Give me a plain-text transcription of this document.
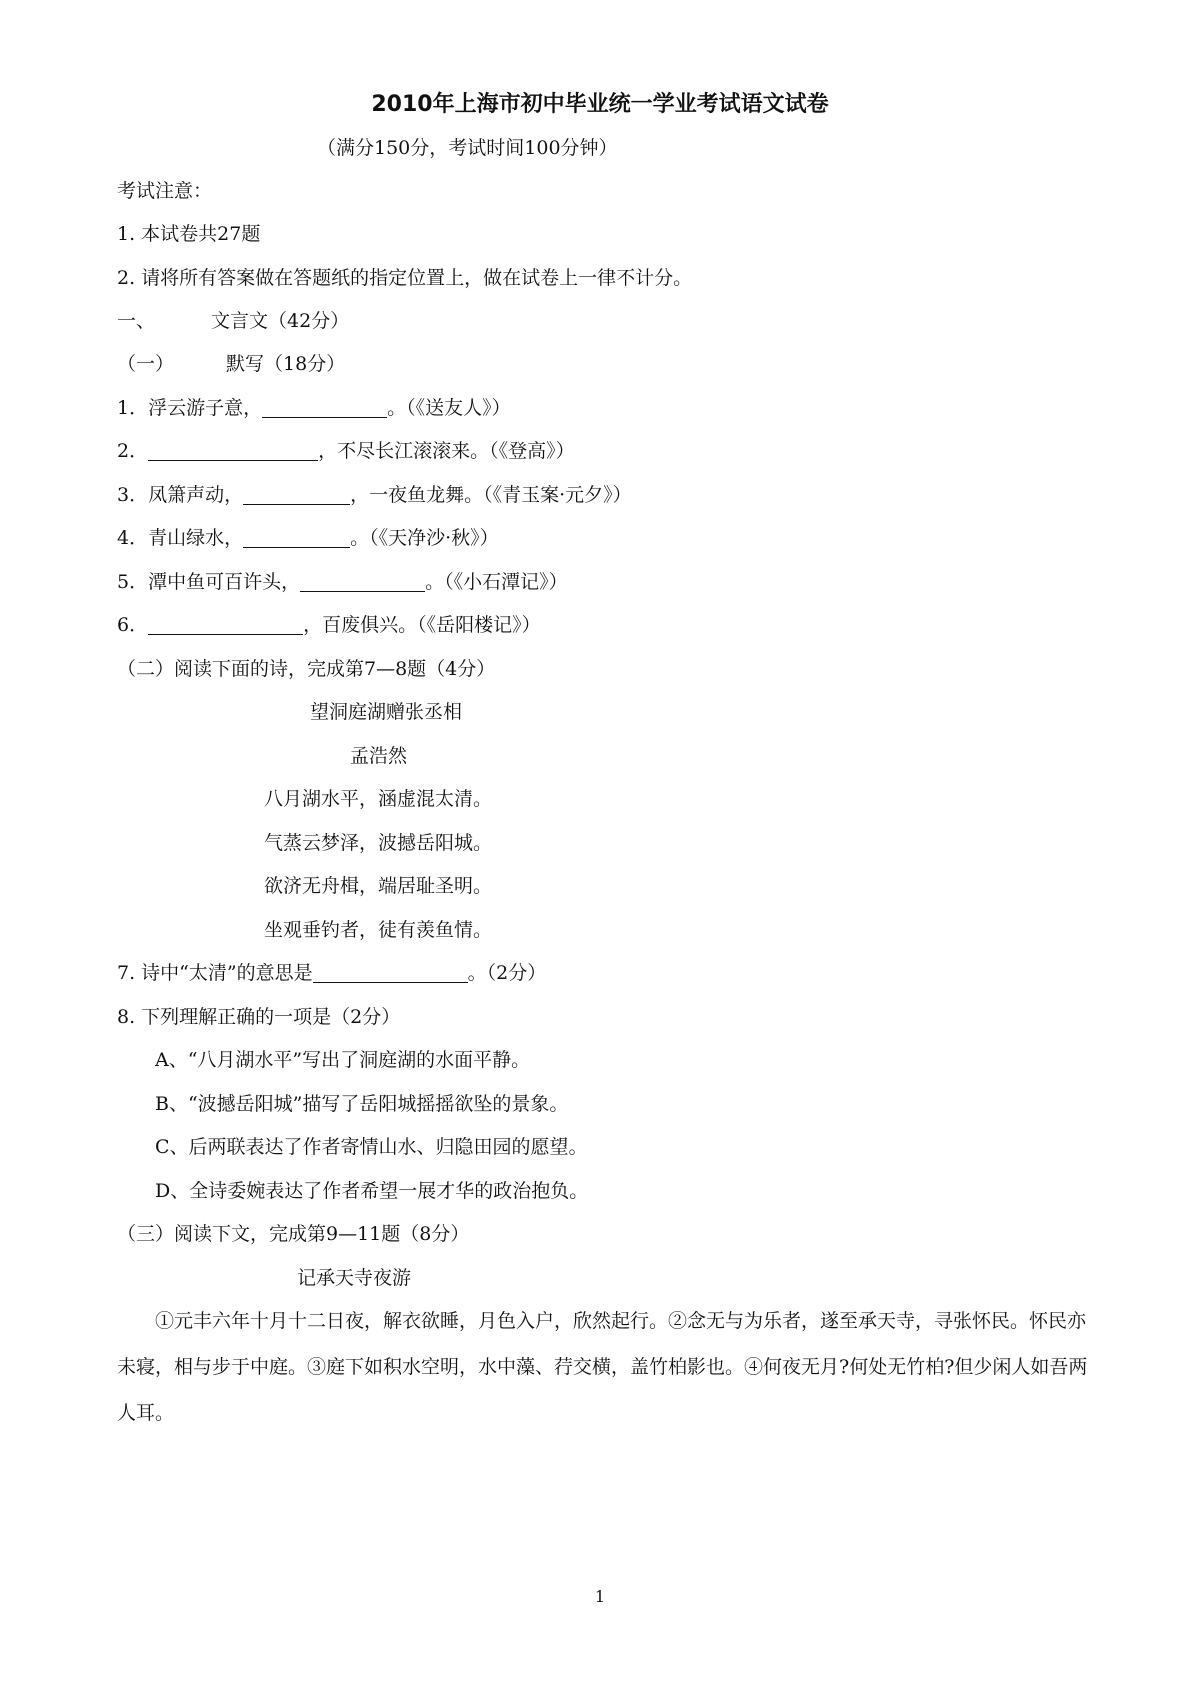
2010年上海市初中毕业统一学业考试语文试卷
（满分150分，考试时间100分钟）
考试注意：
1. 本试卷共27题
2. 请将所有答案做在答题纸的指定位置上，做在试卷上一律不计分。
一、	文言文（42分）
（一）	默写（18分）
1．浮云游子意，	。（《送友人》）
2．	，不尽长江滚滚来。（《登高》）
3．凤箫声动，	，一夜鱼龙舞。（《青玉案·元夕》）
4．青山绿水，	。（《天净沙·秋》）
5．潭中鱼可百许头，	。（《小石潭记》）
6．	，百废俱兴。（《岳阳楼记》）
（二）阅读下面的诗，完成第7—8题（4分）
望洞庭湖赠张丞相
孟浩然
八月湖水平，涵虚混太清。
气蒸云梦泽，波撼岳阳城。
欲济无舟楫，端居耻圣明。
坐观垂钓者，徒有羡鱼情。
7. 诗中“太清”的意思是	。（2分）
8. 下列理解正确的一项是（2分）
A、“八月湖水平”写出了洞庭湖的水面平静。
B、“波撼岳阳城”描写了岳阳城摇摇欲坠的景象。
C、后两联表达了作者寄情山水、归隐田园的愿望。
D、全诗委婉表达了作者希望一展才华的政治抱负。
（三）阅读下文，完成第9—11题（8分）
记承天寺夜游
①元丰六年十月十二日夜，解衣欲睡，月色入户，欣然起行。②念无与为乐者，遂至承天寺，寻张怀民。怀民亦未寝，相与步于中庭。③庭下如积水空明，水中藻、荇交横，盖竹柏影也。④何夜无月?何处无竹柏?但少闲人如吾两人耳。
1
